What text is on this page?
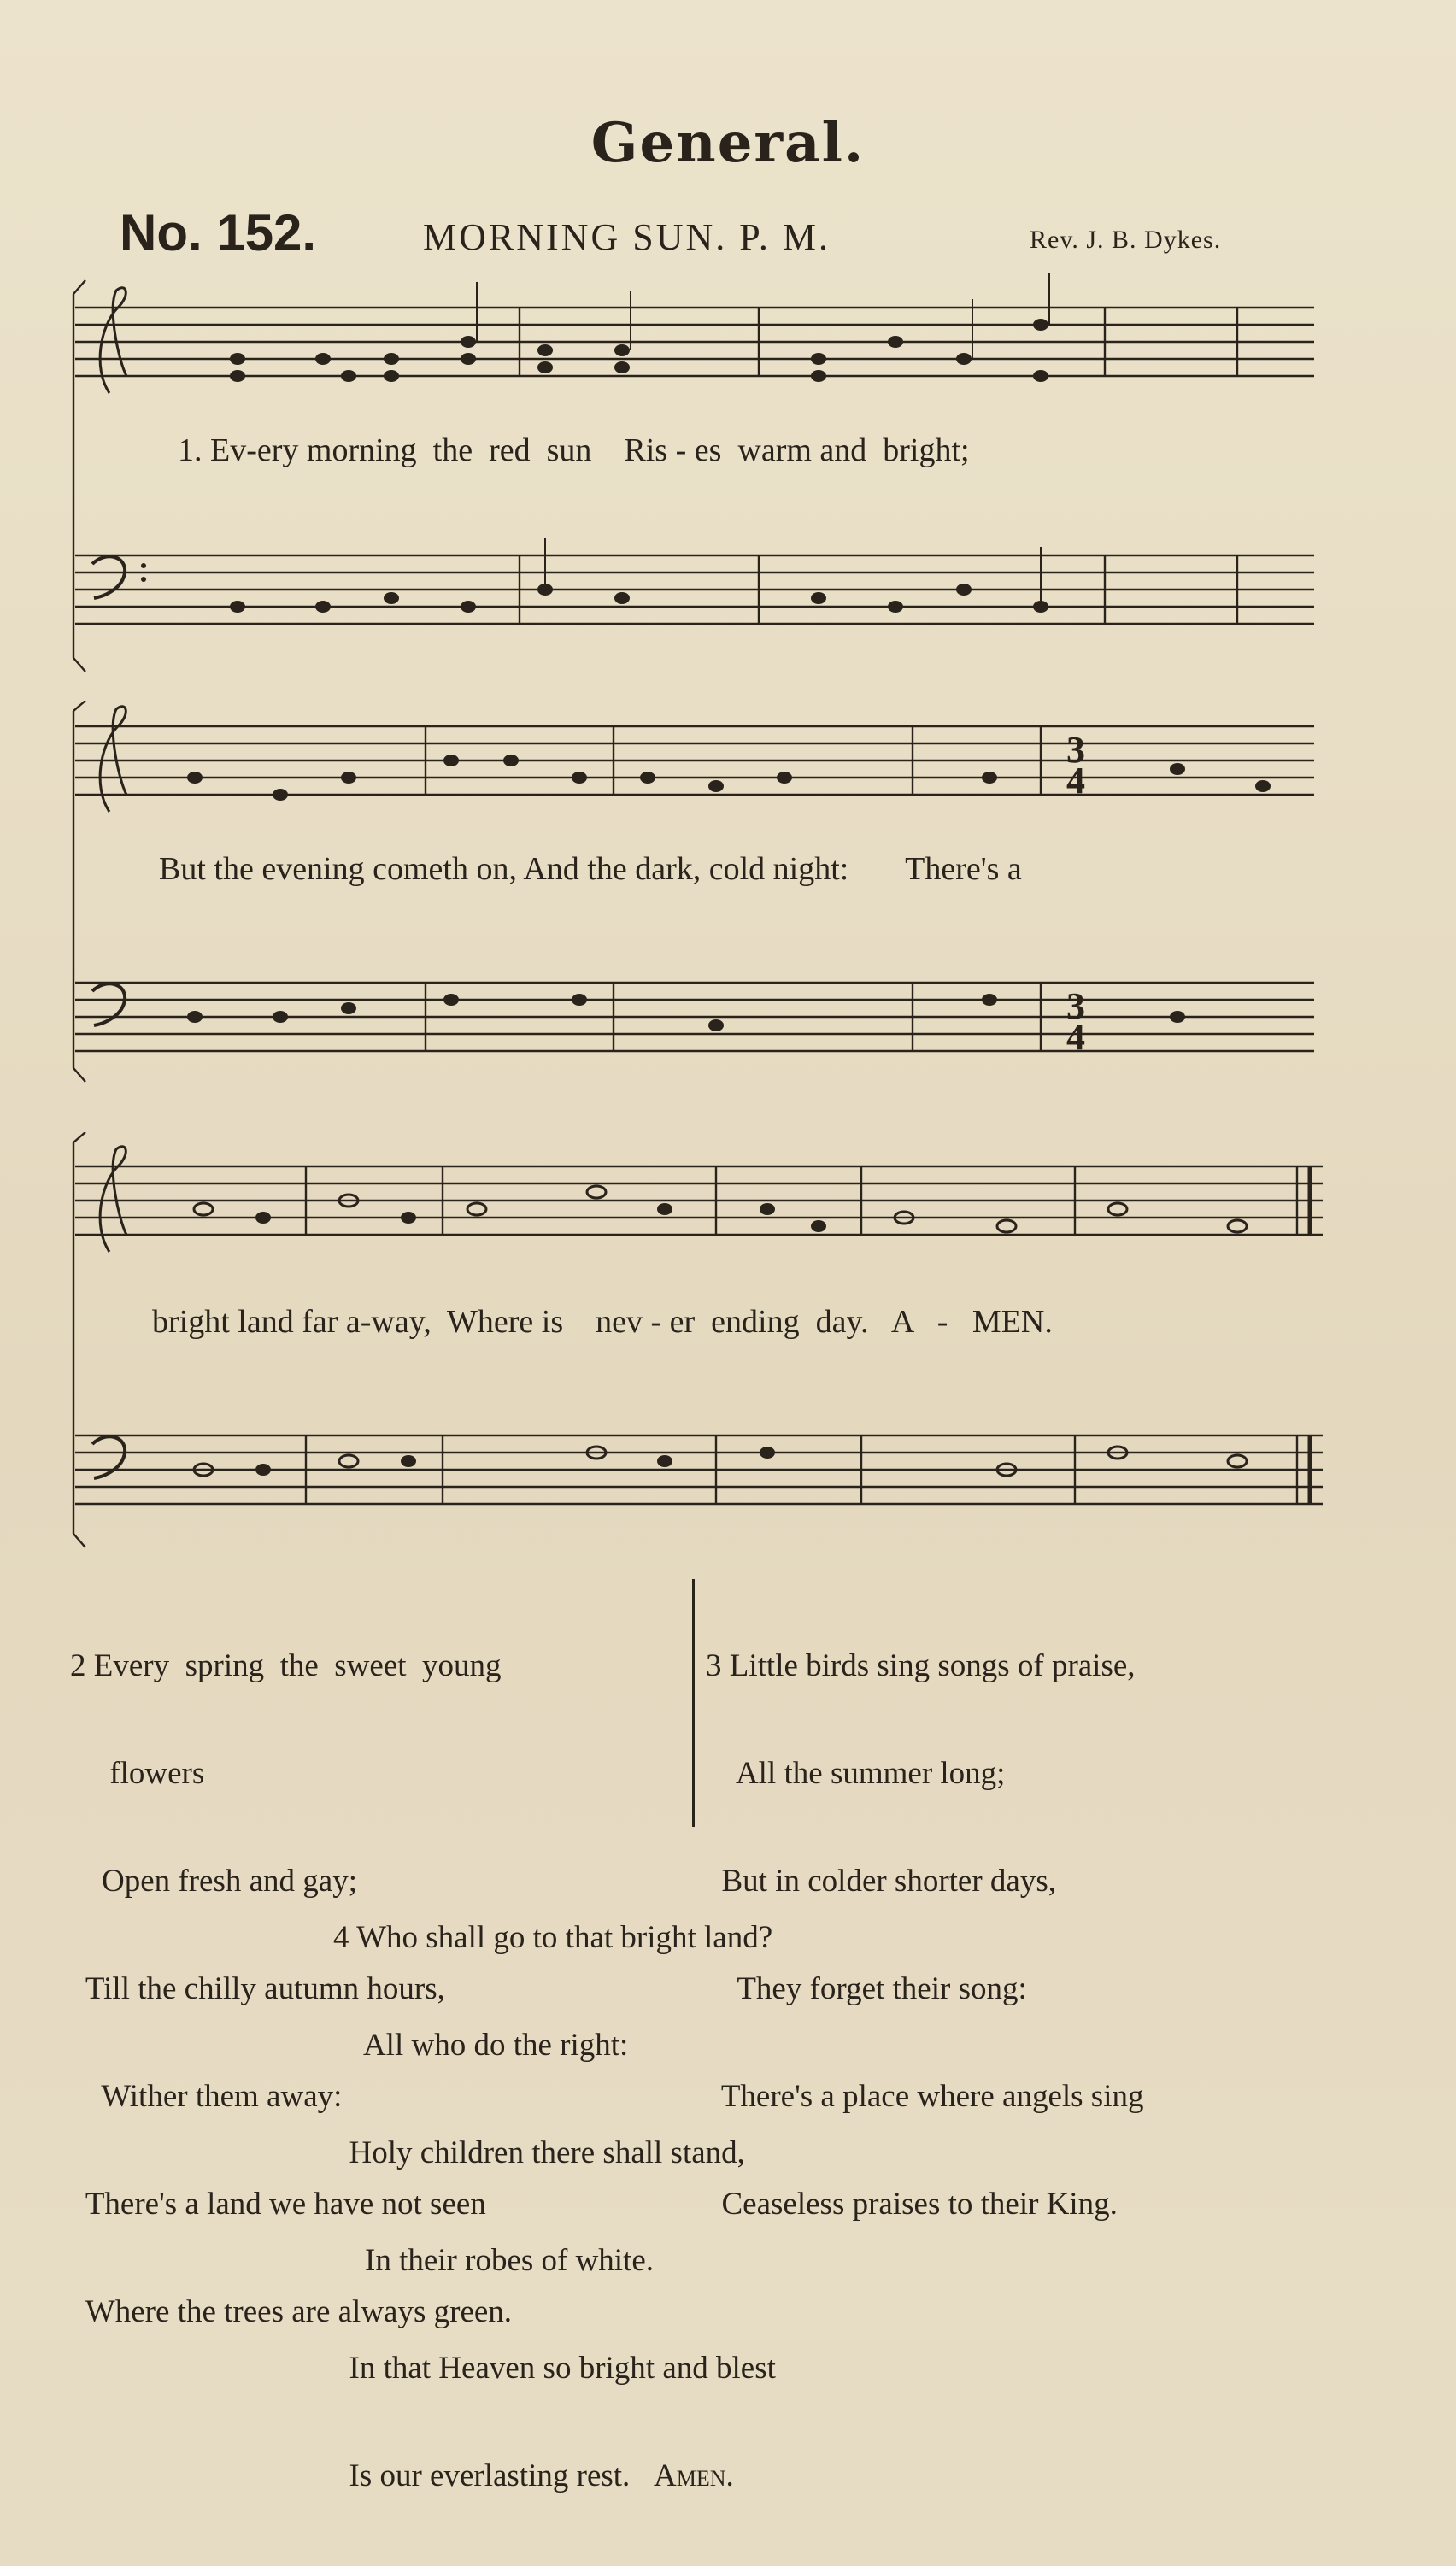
General.
No. 152.	MORNING SUN. P. M.	Rev. J. B. Dykes.
1. Ev-ery morning  the  red  sun    Ris - es  warm and  bright;
3
4
3
4
But the evening cometh on, And the dark, cold night:       There's a
bright land far a-way,  Where is    nev - er  ending  day.   A   -   MEN.

2 Every  spring  the  sweet  young

flowers

Open fresh and gay;

Till the chilly autumn hours,

Wither them away:

There's a land we have not seen

Where the trees are always green.

3 Little birds sing songs of praise,

All the summer long;

But in colder shorter days,

They forget their song:

There's a place where angels sing

Ceaseless praises to their King.

4 Who shall go to that bright land?

All who do the right:

Holy children there shall stand,

In their robes of white.

In that Heaven so bright and blest

Is our everlasting rest. Amen.
